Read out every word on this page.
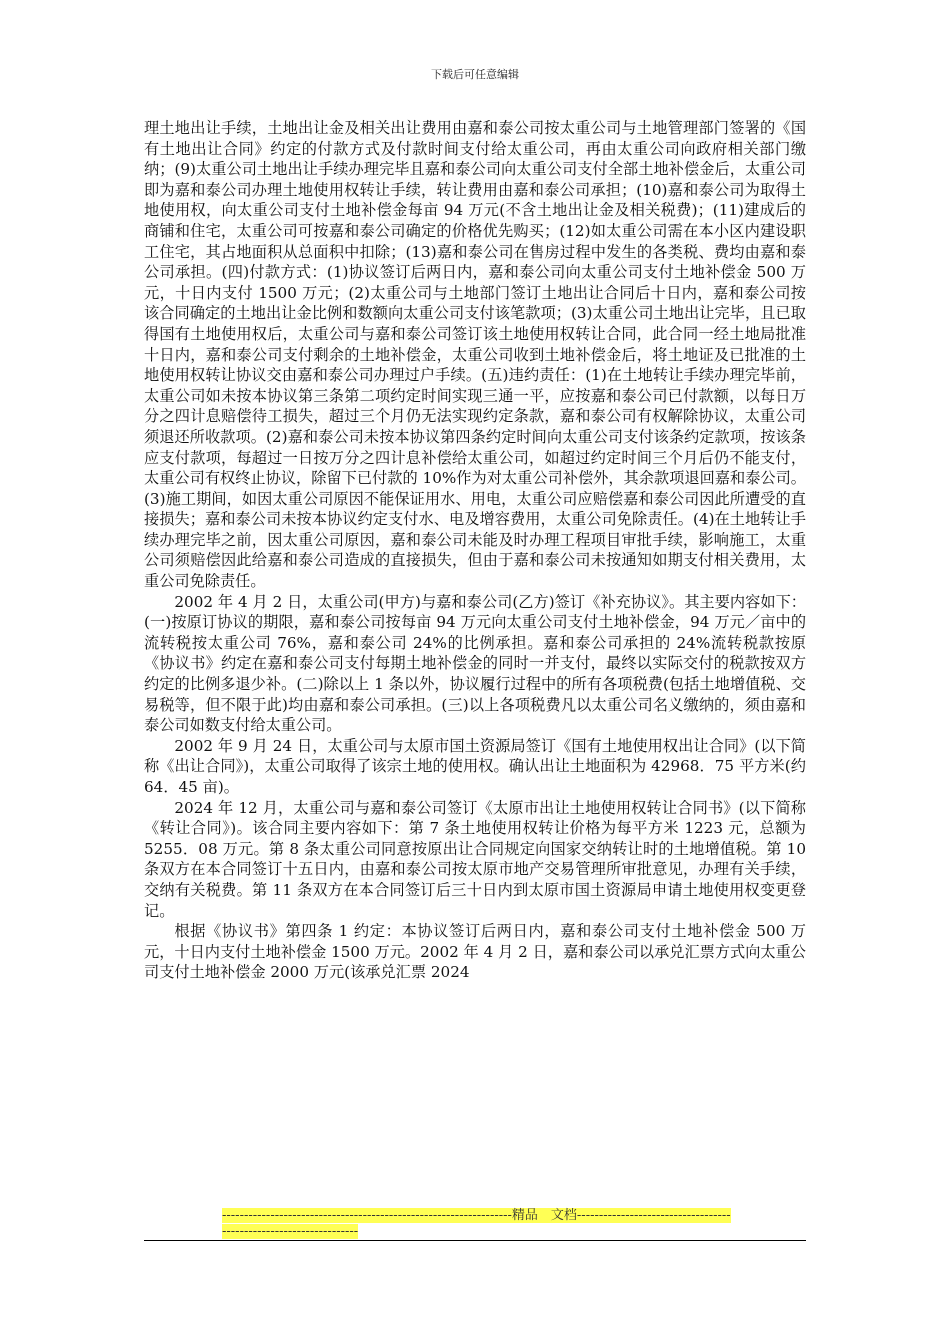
下载后可任意编辑

理土地出让手续，土地出让金及相关出让费用由嘉和泰公司按太重公司与土地管理部门签署的《国有土地出让合同》约定的付款方式及付款时间支付给太重公司，再由太重公司向政府相关部门缴纳；(9)太重公司土地出让手续办理完毕且嘉和泰公司向太重公司支付全部土地补偿金后，太重公司即为嘉和泰公司办理土地使用权转让手续，转让费用由嘉和泰公司承担；(10)嘉和泰公司为取得土地使用权，向太重公司支付土地补偿金每亩 94 万元(不含土地出让金及相关税费)；(11)建成后的商铺和住宅，太重公司可按嘉和泰公司确定的价格优先购买；(12)如太重公司需在本小区内建设职工住宅，其占地面积从总面积中扣除；(13)嘉和泰公司在售房过程中发生的各类税、费均由嘉和泰公司承担。(四)付款方式：(1)协议签订后两日内，嘉和泰公司向太重公司支付土地补偿金 500 万元，十日内支付 1500 万元；(2)太重公司与土地部门签订土地出让合同后十日内，嘉和泰公司按该合同确定的土地出让金比例和数额向太重公司支付该笔款项；(3)太重公司土地出让完毕，且已取得国有土地使用权后，太重公司与嘉和泰公司签订该土地使用权转让合同，此合同一经土地局批准十日内，嘉和泰公司支付剩余的土地补偿金，太重公司收到土地补偿金后，将土地证及已批准的土地使用权转让协议交由嘉和泰公司办理过户手续。(五)违约责任：(1)在土地转让手续办理完毕前，太重公司如未按本协议第三条第二项约定时间实现三通一平，应按嘉和泰公司已付款额，以每日万分之四计息赔偿待工损失，超过三个月仍无法实现约定条款，嘉和泰公司有权解除协议，太重公司须退还所收款项。(2)嘉和泰公司未按本协议第四条约定时间向太重公司支付该条约定款项，按该条应支付款项，每超过一日按万分之四计息补偿给太重公司，如超过约定时间三个月后仍不能支付，太重公司有权终止协议，除留下已付款的 10%作为对太重公司补偿外，其余款项退回嘉和泰公司。(3)施工期间，如因太重公司原因不能保证用水、用电，太重公司应赔偿嘉和泰公司因此所遭受的直接损失；嘉和泰公司未按本协议约定支付水、电及增容费用，太重公司免除责任。(4)在土地转让手续办理完毕之前，因太重公司原因，嘉和泰公司未能及时办理工程项目审批手续，影响施工，太重公司须赔偿因此给嘉和泰公司造成的直接损失，但由于嘉和泰公司未按通知如期支付相关费用，太重公司免除责任。

2002 年 4 月 2 日，太重公司(甲方)与嘉和泰公司(乙方)签订《补充协议》。其主要内容如下：(一)按原订协议的期限，嘉和泰公司按每亩 94 万元向太重公司支付土地补偿金，94 万元／亩中的流转税按太重公司 76%，嘉和泰公司 24%的比例承担。嘉和泰公司承担的 24%流转税款按原《协议书》约定在嘉和泰公司支付每期土地补偿金的同时一并支付，最终以实际交付的税款按双方约定的比例多退少补。(二)除以上 1 条以外，协议履行过程中的所有各项税费(包括土地增值税、交易税等，但不限于此)均由嘉和泰公司承担。(三)以上各项税费凡以太重公司名义缴纳的，须由嘉和泰公司如数支付给太重公司。

2002 年 9 月 24 日，太重公司与太原市国土资源局签订《国有土地使用权出让合同》(以下简称《出让合同》)，太重公司取得了该宗土地的使用权。确认出让土地面积为 42968．75 平方米(约 64．45 亩)。

2024 年 12 月，太重公司与嘉和泰公司签订《太原市出让土地使用权转让合同书》(以下简称《转让合同》)。该合同主要内容如下：第 7 条土地使用权转让价格为每平方米 1223 元，总额为 5255．08 万元。第 8 条太重公司同意按原出让合同规定向国家交纳转让时的土地增值税。第 10 条双方在本合同签订十五日内，由嘉和泰公司按太原市地产交易管理所审批意见，办理有关手续，交纳有关税费。第 11 条双方在本合同签订后三十日内到太原市国土资源局申请土地使用权变更登记。

根据《协议书》第四条 1 约定：本协议签订后两日内，嘉和泰公司支付土地补偿金 500 万元，十日内支付土地补偿金 1500 万元。2002 年 4 月 2 日，嘉和泰公司以承兑汇票方式向太重公司支付土地补偿金 2000 万元(该承兑汇票 2024

------------------------------------------------------------------精品　文档------------------------------------------------------------------
